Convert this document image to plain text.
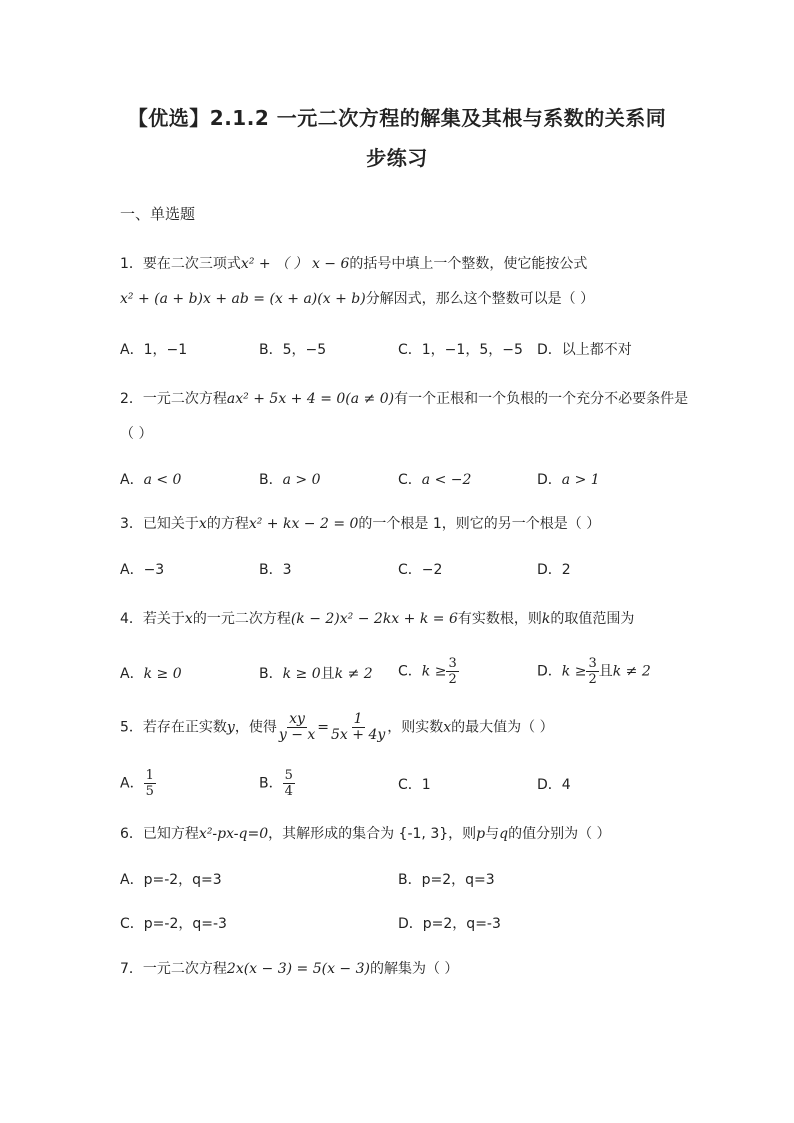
【优选】2.1.2 一元二次方程的解集及其根与系数的关系同
步练习
一、单选题
1．要在二次三项式x² + （ ） x − 6的括号中填上一个整数，使它能按公式
x² + (a + b)x + ab = (x + a)(x + b)分解因式，那么这个整数可以是（ ）
A．1，−1	B．5，−5	C．1，−1，5，−5 D．以上都不对
2．一元二次方程ax² + 5x + 4 = 0(a ≠ 0)有一个正根和一个负根的一个充分不必要条件是
（ ）
A．a < 0	B．a > 0	C．a < −2	D．a > 1
3．已知关于x的方程x² + kx − 2 = 0的一个根是 1，则它的另一个根是（ ）
A．−3	B．3	C．−2	D．2
4．若关于x的一元二次方程(k − 2)x² − 2kx + k = 6有实数根，则k的取值范围为
A．k ≥ 0	B．k ≥ 0且k ≠ 2 C．$k \ge \frac{3}{2}$	D．$k \ge \frac{3}{2}$ 且k ≠ 2
5．若存在正实数y，使得 $\frac{xy}{y - x} = \frac{1}{5x + 4y}$ ，则实数x的最大值为（ ）
A． $\frac{1}{5}$	B． $\frac{5}{4}$	C．1	D．4
6．已知方程x²-px-q=0，其解形成的集合为 {-1, 3}，则p与q的值分别为（ ）
A．p=-2，q=3	B．p=2，q=3
C．p=-2，q=-3	D．p=2，q=-3
7．一元二次方程2x(x − 3) = 5(x − 3)的解集为（ ）
